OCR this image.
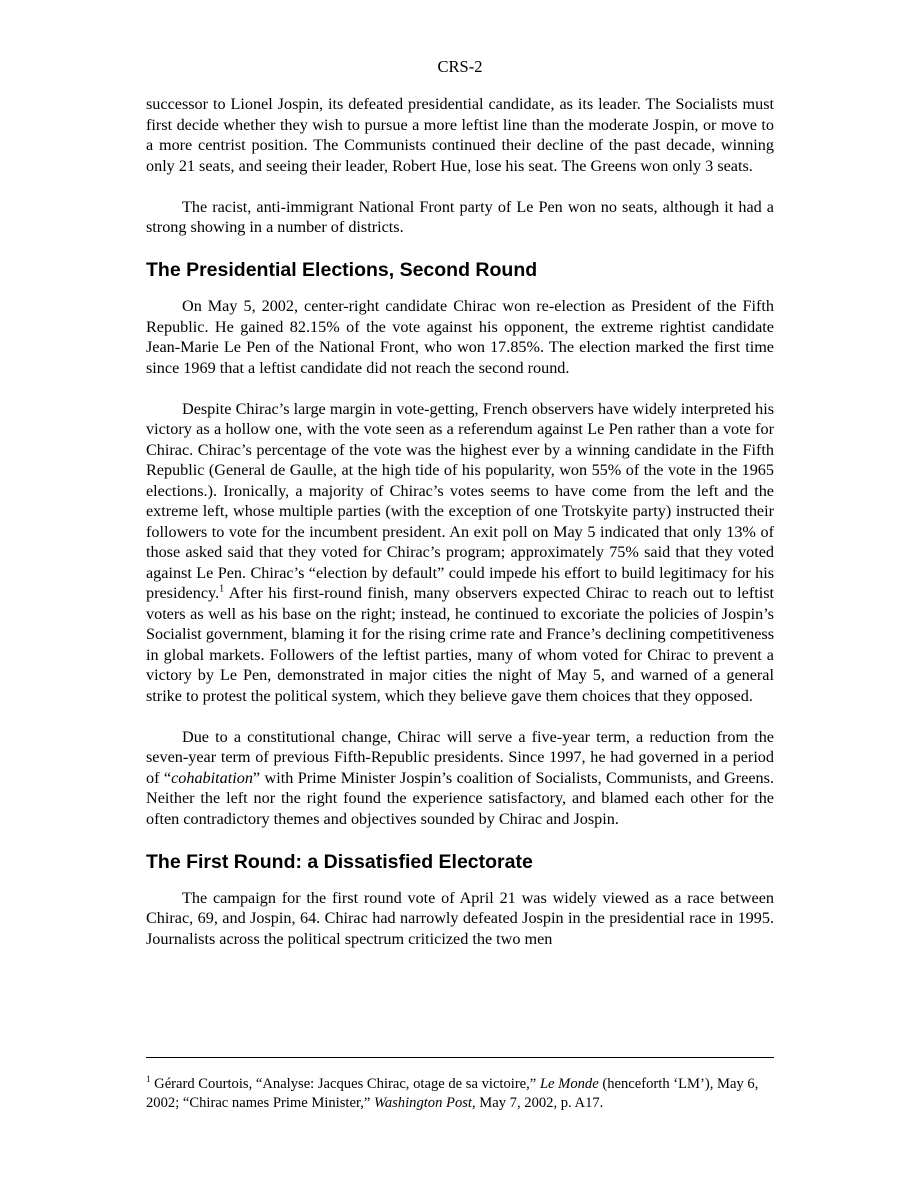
CRS-2

successor to Lionel Jospin, its defeated presidential candidate, as its leader. The Socialists must first decide whether they wish to pursue a more leftist line than the moderate Jospin, or move to a more centrist position. The Communists continued their decline of the past decade, winning only 21 seats, and seeing their leader, Robert Hue, lose his seat. The Greens won only 3 seats.

The racist, anti-immigrant National Front party of Le Pen won no seats, although it had a strong showing in a number of districts.

The Presidential Elections, Second Round

On May 5, 2002, center-right candidate Chirac won re-election as President of the Fifth Republic. He gained 82.15% of the vote against his opponent, the extreme rightist candidate Jean-Marie Le Pen of the National Front, who won 17.85%. The election marked the first time since 1969 that a leftist candidate did not reach the second round.

Despite Chirac’s large margin in vote-getting, French observers have widely interpreted his victory as a hollow one, with the vote seen as a referendum against Le Pen rather than a vote for Chirac. Chirac’s percentage of the vote was the highest ever by a winning candidate in the Fifth Republic (General de Gaulle, at the high tide of his popularity, won 55% of the vote in the 1965 elections.). Ironically, a majority of Chirac’s votes seems to have come from the left and the extreme left, whose multiple parties (with the exception of one Trotskyite party) instructed their followers to vote for the incumbent president. An exit poll on May 5 indicated that only 13% of those asked said that they voted for Chirac’s program; approximately 75% said that they voted against Le Pen. Chirac’s “election by default” could impede his effort to build legitimacy for his presidency.$^1$ After his first-round finish, many observers expected Chirac to reach out to leftist voters as well as his base on the right; instead, he continued to excoriate the policies of Jospin’s Socialist government, blaming it for the rising crime rate and France’s declining competitiveness in global markets. Followers of the leftist parties, many of whom voted for Chirac to prevent a victory by Le Pen, demonstrated in major cities the night of May 5, and warned of a general strike to protest the political system, which they believe gave them choices that they opposed.

Due to a constitutional change, Chirac will serve a five-year term, a reduction from the seven-year term of previous Fifth-Republic presidents. Since 1997, he had governed in a period of “cohabitation” with Prime Minister Jospin’s coalition of Socialists, Communists, and Greens. Neither the left nor the right found the experience satisfactory, and blamed each other for the often contradictory themes and objectives sounded by Chirac and Jospin.

The First Round: a Dissatisfied Electorate

The campaign for the first round vote of April 21 was widely viewed as a race between Chirac, 69, and Jospin, 64. Chirac had narrowly defeated Jospin in the presidential race in 1995. Journalists across the political spectrum criticized the two men

$^1$ Gérard Courtois, “Analyse: Jacques Chirac, otage de sa victoire,” Le Monde (henceforth ‘LM’), May 6, 2002; “Chirac names Prime Minister,” Washington Post, May 7, 2002, p. A17.
